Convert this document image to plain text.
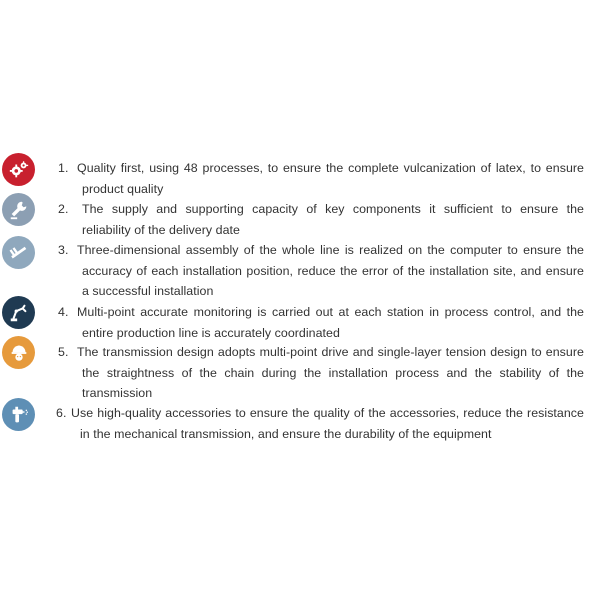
1. Quality first, using 48 processes, to ensure the complete vulcanization of latex, to ensure
product quality
2.	The supply and supporting capacity of key components it sufficient to ensure the
reliability of the delivery date
3. Three-dimensional assembly of the whole line is realized on the computer to ensure the
accuracy of each installation position, reduce the error of the installation site, and ensure
a successful installation
4. Multi-point accurate monitoring is carried out at each station in process control, and the
entire production line is accurately coordinated
5. The transmission design adopts multi-point drive and single-layer tension design to ensure
the straightness of the chain during the installation process and the stability of the
transmission
6. Use high-quality accessories to ensure the quality of the accessories, reduce the resistance
in the mechanical transmission, and ensure the durability of the equipment
